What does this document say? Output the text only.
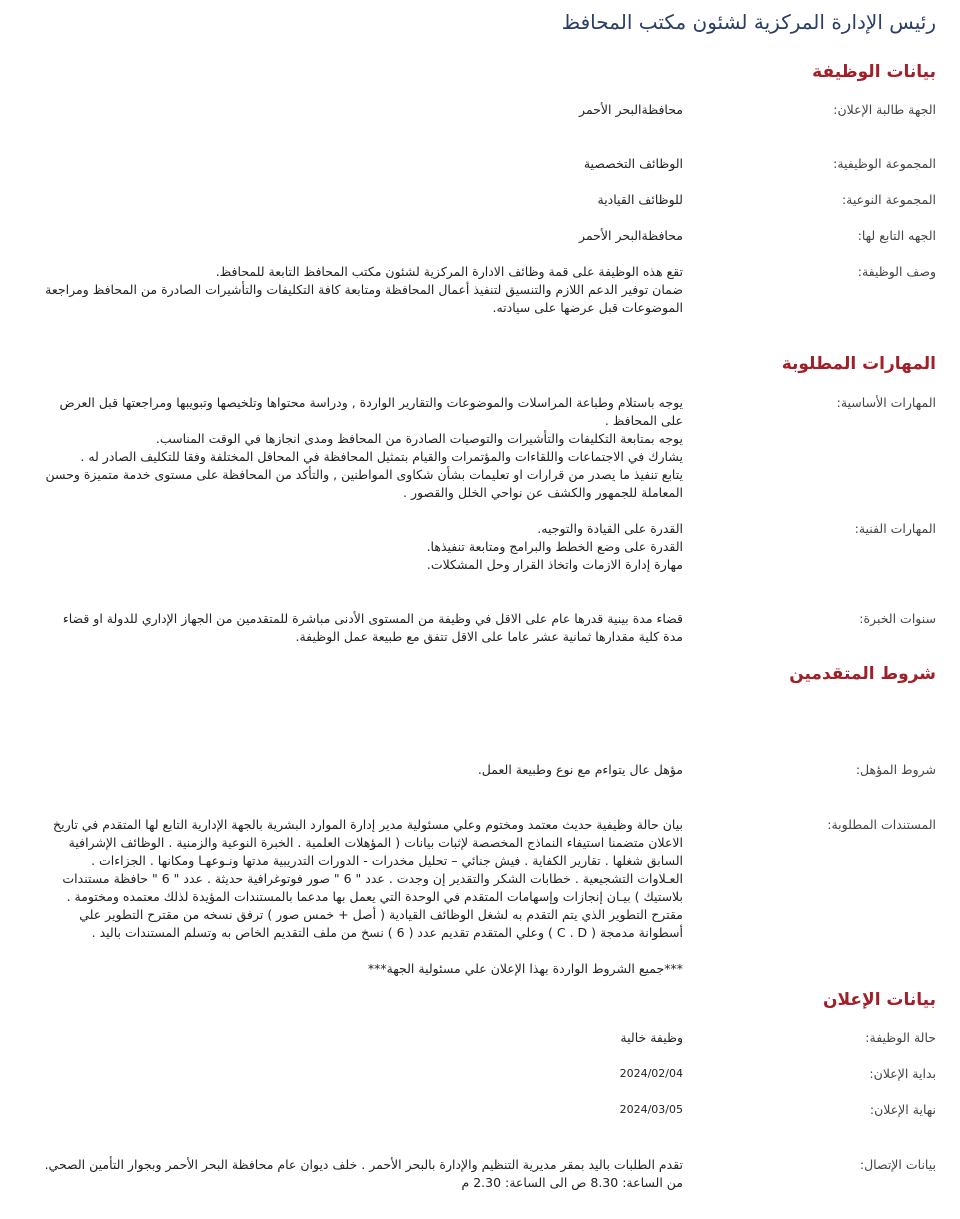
رئيس الإدارة المركزية لشئون مكتب المحافظ
بيانات الوظيفة
الجهة طالبة الإعلان:
محافظةالبحر الأحمر
المجموعة الوظيفية:
الوظائف التخصصية
المجموعة النوعية:
للوظائف القيادية
الجهه التابع لها:
محافظةالبحر الأحمر
وصف الوظيفة:

تقع هذه الوظيفة على قمة وظائف الادارة المركزية لشئون مكتب المحافظ التابعة للمحافظ.

ضمان توفير الدعم اللازم والتنسيق لتنفيذ أعمال المحافظة ومتابعة كافة التكليفات والتأشيرات الصادرة من المحافظ ومراجعة الموضوعات قبل عرضها على سيادته.

المهارات المطلوبة
المهارات الأساسية:

يوجه باستلام وطباعة المراسلات والموضوعات والتقارير الواردة , ودراسة محتواها وتلخيصها وتبويبها ومراجعتها قبل العرض على المحافظ .

يوجه بمتابعة التكليفات والتأشيرات والتوصيات الصادرة من المحافظ ومدى انجازها في الوقت المناسب.

يشارك في الاجتماعات واللقاءات والمؤتمرات والقيام بتمثيل المحافظة في المحافل المختلفة وفقا للتكليف الصادر له .

يتابع تنفيذ ما يصدر من قرارات او تعليمات بشأن شكاوى المواطنين , والتأكد من المحافظة على مستوى خدمة متميزة وحسن المعاملة للجمهور والكشف عن نواحي الخلل والقصور .

المهارات الفنية:

القدرة على القيادة والتوجيه.

القدرة على وضع الخطط والبرامج ومتابعة تنفيذها.

مهارة إدارة الازمات واتخاذ القرار وحل المشكلات.

سنوات الخبرة:
قضاء مدة بينية قدرها عام على الاقل في وظيفة من المستوى الأدنى مباشرة للمتقدمين من الجهاز الإداري للدولة او قضاء مدة كلية مقدارها ثمانية عشر عاما على الاقل تتفق مع طبيعة عمل الوظيفة.
شروط المتقدمين
شروط المؤهل:
مؤهل عال يتواءم مع نوع وطبيعة العمل.
المستندات المطلوبة:

بيان حالة وظيفية حديث معتمد ومختوم وعلي مسئولية مدير إدارة الموارد البشرية بالجهة الإدارية التابع لها المتقدم في تاريخ الاعلان متضمنا استيفاء النماذج المخصصة لإثبات بيانات ( المؤهلات العلمية . الخبرة النوعية والزمنية . الوظائف الإشرافية السابق شغلها . تقارير الكفاية . فيش جنائي – تحليل مخدرات - الدورات التدريبية مدتها ونـوعهـا ومكانها . الجزاءات . العـلاوات التشجيعية . خطابات الشكر والتقدير إن وجدت . عدد " 6 " صور فوتوغرافية حديثة . عدد " 6 " حافظة مستندات بلاستيك ) بيـان إنجازات وإسهامات المتقدم في الوحدة التي يعمل بها مدعما بالمستندات المؤيدة لذلك معتمده ومختومة . مقترح التطوير الذي يتم التقدم به لشغل الوظائف القيادية ( أصل + خمس صور ) ترفق نسخه من مقترح التطوير علي أسطوانة مدمجة ( C . D ) وعلي المتقدم تقديم عدد ( 6 ) نسخ من ملف التقديم الخاص به وتسلم المستندات باليد .

***جميع الشروط الواردة بهذا الإعلان علي مسئولية الجهة***

بيانات الإعلان
حالة الوظيفة:
وظيفة خالية
بداية الإعلان:
2024/02/04
نهاية الإعلان:
2024/03/05
بيانات الإتصال:

تقدم الطلبات باليد بمقر مديرية التنظيم والإدارة بالبحر الأحمر . خلف ديوان عام محافظة البحر الأحمر وبجوار التأمين الصحي.

من الساعة: 8.30 ص الى الساعة: 2.30 م
